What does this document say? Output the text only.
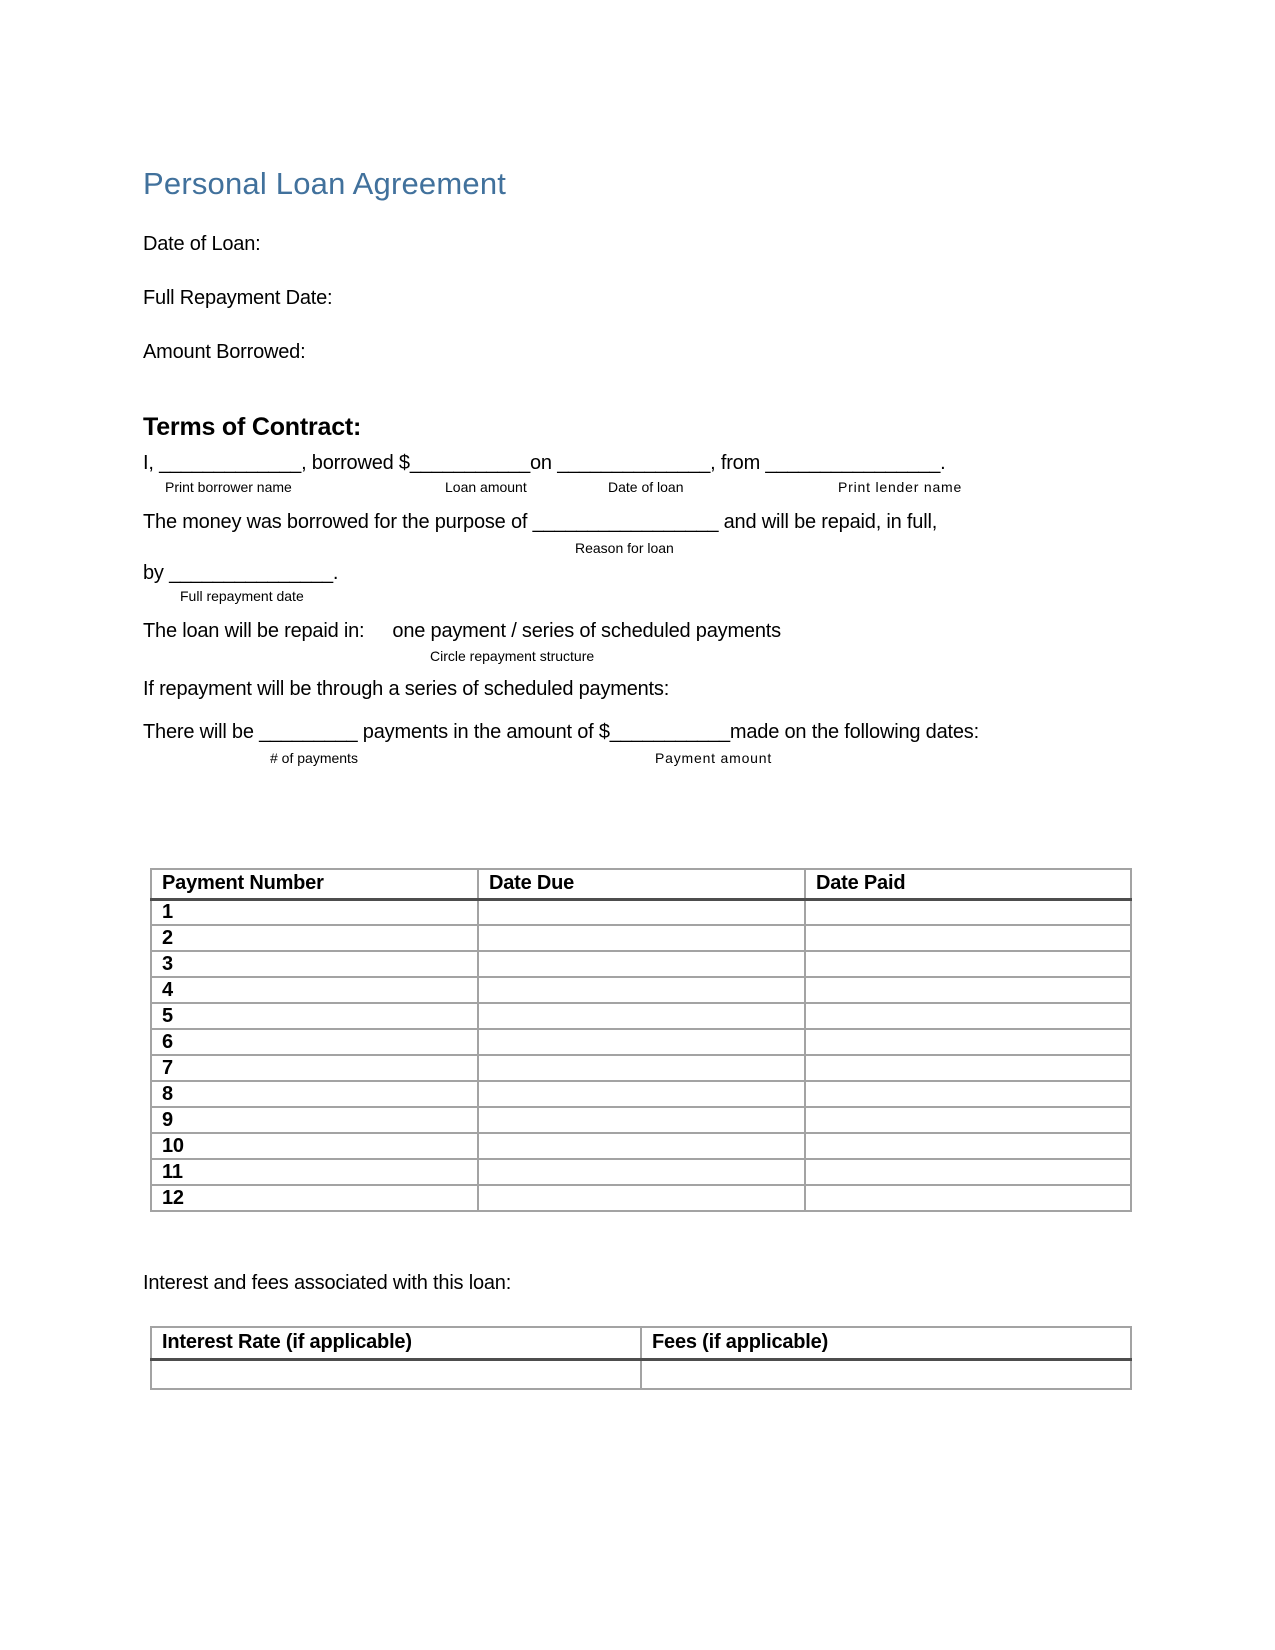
Personal Loan Agreement
Date of Loan:
Full Repayment Date:
Amount Borrowed:
Terms of Contract:
I, _____________, borrowed $___________on ______________, from ________________.
Print borrower name	Loan amount	Date of loan	Print lender name
The money was borrowed for the purpose of _________________ and will be repaid, in full,
Reason for loan
by _______________.
Full repayment date
The loan will be repaid in: one payment / series of scheduled payments
Circle repayment structure
If repayment will be through a series of scheduled payments:
There will be _________ payments in the amount of $___________made on the following dates:
# of payments	Payment amount
Payment Number	Date Due	Date Paid
1		
2		
3		
4		
5		
6		
7		
8		
9		
10		
11		
12		
Interest and fees associated with this loan:
Interest Rate (if applicable)	Fees (if applicable)
